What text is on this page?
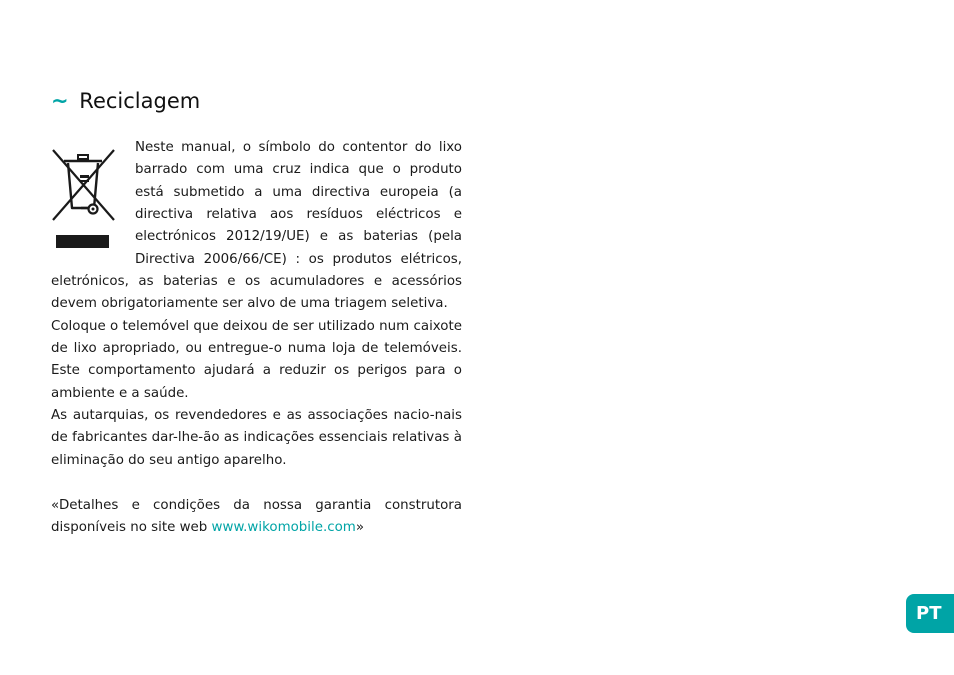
~ Reciclagem

Neste manual, o símbolo do contentor do lixo barrado com uma cruz indica que o produto está submetido a uma directiva europeia (a directiva relativa aos resíduos eléctricos e electrónicos 2012/19/UE) e as baterias (pela Directiva 2006/66/CE) : os produtos elétricos, eletrónicos, as baterias e os acumuladores e acessórios devem obrigatoriamente ser alvo de uma triagem seletiva.

Coloque o telemóvel que deixou de ser utilizado num caixote de lixo apropriado, ou entregue-o numa loja de telemóveis. Este comportamento ajudará a reduzir os perigos para o ambiente e a saúde.

As autarquias, os revendedores e as associações nacio-nais de fabricantes dar-lhe-ão as indicações essenciais relativas à eliminação do seu antigo aparelho.

«Detalhes e condições da nossa garantia construtora disponíveis no site web www.wikomobile.com»

PT
